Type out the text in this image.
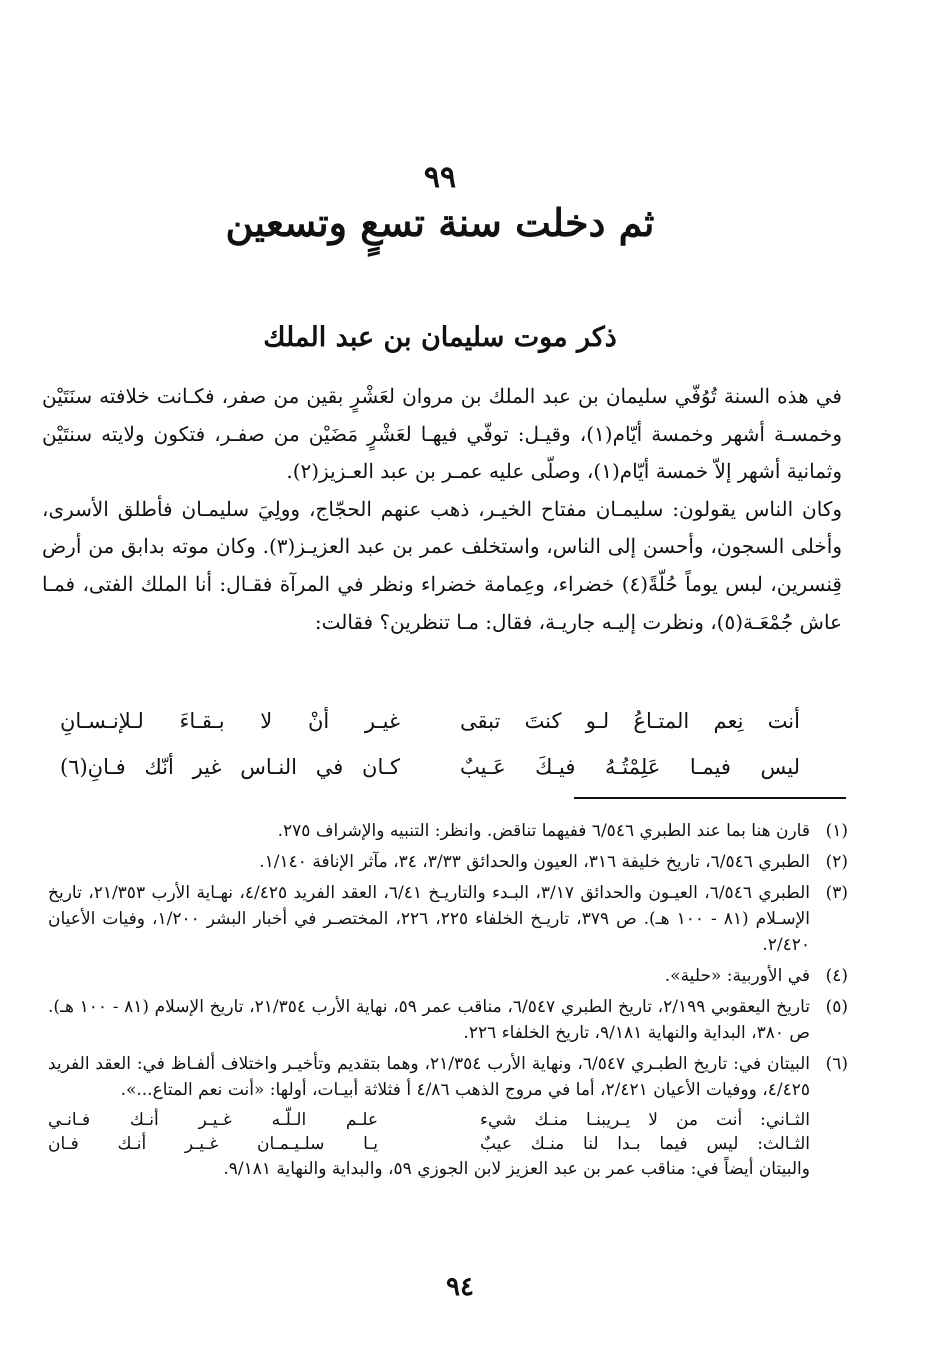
٩٩
ثم دخلت سنة تسعٍ وتسعين
ذكر موت سليمان بن عبد الملك

في هذه السنة تُوُفّي سليمان بن عبد الملك بن مروان لعَشْرٍ بقين من صفر، فكـانت خلافته سنَتَيْن وخمسـة أشهر وخمسة أيّام(١)، وقيـل: توفّي فيهـا لعَشْرٍ مَضَيْن من صفـر، فتكون ولايته سنتَيْن وثمانية أشهر إلاّ خمسة أيّام(١)، وصلّى عليه عمـر بن عبد العـزيز(٢).

وكان الناس يقولون: سليمـان مفتاح الخيـر، ذهب عنهم الحجّاج، وولِيَ سليمـان فأطلق الأسرى، وأخلى السجون، وأحسن إلى الناس، واستخلف عمر بن عبد العزيـز(٣). وكان موته بدابق من أرض قِنسرين، لبس يوماً حُلّةً(٤) خضراء، وعِمامة خضراء ونظر في المرآة فقـال: أنا الملك الفتى، فمـا عاش جُمْعَـة(٥)، ونظرت إليـه جاريـة، فقال: مـا تنظرين؟ فقالت:

أنت نِعم المتـاعُ لـو كنتَ تبقى
غيـر أنْ لا بـقـاءَ لـلإنـسـانِ
ليس فيمـا عَلِمْتُـهُ فيـكَ عَـيبٌ
كـان في النـاس غير أنّك فـانِ(٦)
(١)
قارن هنا بما عند الطبري ٦/٥٤٦ ففيهما تناقض. وانظر: التنبيه والإشراف ٢٧٥.
(٢)
الطبري ٦/٥٤٦، تاريخ خليفة ٣١٦، العيون والحدائق ٣/٣٣، ٣٤، مآثر الإنافة ١/١٤٠.
(٣)
الطبري ٦/٥٤٦، العيـون والحدائق ٣/١٧، البـدء والتاريـخ ٦/٤١، العقد الفريد ٤/٤٢٥، نهـاية الأرب ٢١/٣٥٣، تاريخ الإسـلام (٨١ - ١٠٠ هـ). ص ٣٧٩، تاريـخ الخلفاء ٢٢٥، ٢٢٦، المختصـر في أخبار البشر ١/٢٠٠، وفيات الأعيان ٢/٤٢٠.
(٤)
في الأوربية: «حلية».
(٥)
تاريخ اليعقوبي ٢/١٩٩، تاريخ الطبري ٦/٥٤٧، مناقب عمر ٥٩، نهاية الأرب ٢١/٣٥٤، تاريخ الإسلام (٨١ - ١٠٠ هـ). ص ٣٨٠، البداية والنهاية ٩/١٨١، تاريخ الخلفاء ٢٢٦.
(٦)
البيتان في: تاريخ الطبـري ٦/٥٤٧، ونهاية الأرب ٢١/٣٥٤، وهما بتقديم وتأخيـر واختلاف ألفـاظ في: العقد الفريد ٤/٤٢٥، ووفيات الأعيان ٢/٤٢١، أما في مروج الذهب ٤/٨٦ أ فثلاثة أبيـات، أولها: «أنت نعم المتاع...».
الثـاني: أنت من لا يـريبنـا منـك شيء
علـم الـلّـه غـيـر أنـك فـانـي
الثـالث: ليس فيما بـدا لنا منـك عيبٌ
يـا سلـيـمـان غـيـر أنـك فـان
والبيتان أيضاً في: مناقب عمر بن عبد العزيز لابن الجوزي ٥٩، والبداية والنهاية ٩/١٨١.
٩٤
